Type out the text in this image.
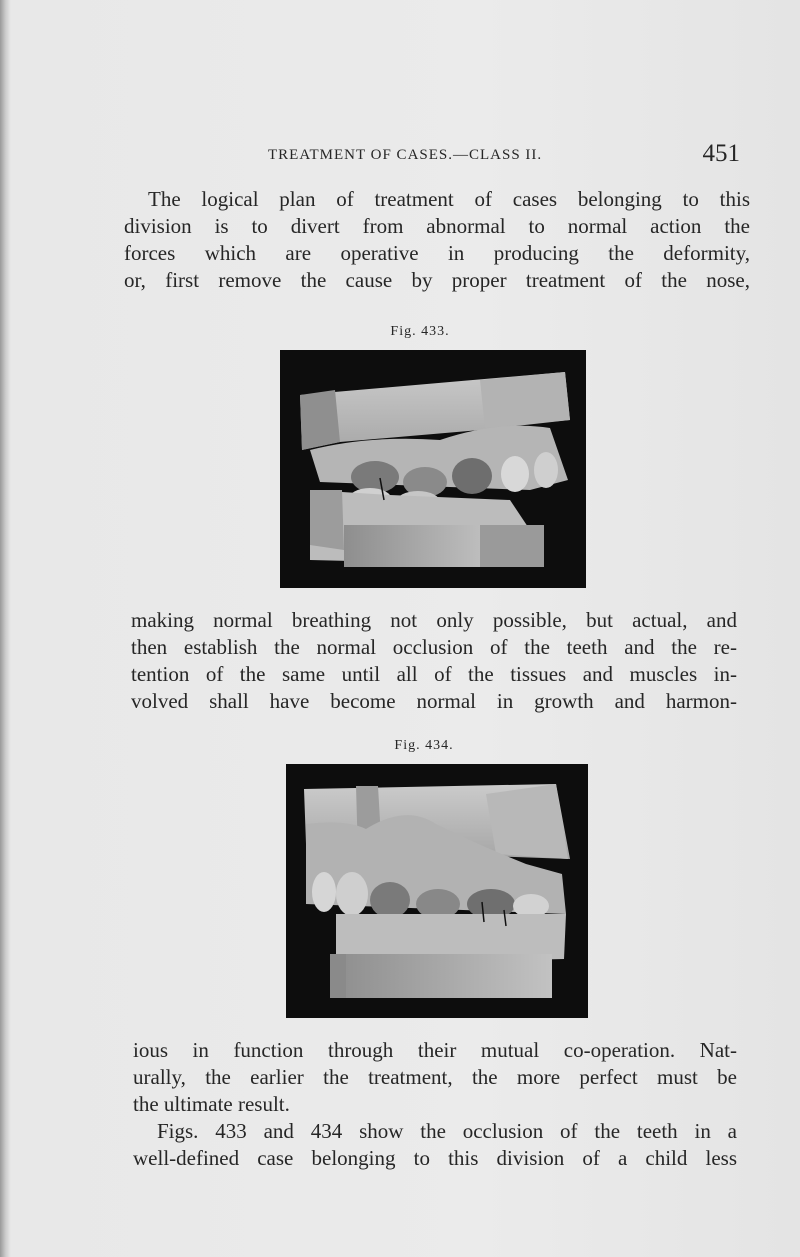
TREATMENT OF CASES.—CLASS II.	451
The logical plan of treatment of cases belonging to this
division is to divert from abnormal to normal action the
forces which are operative in producing the deformity,
or, first remove the cause by proper treatment of the nose,
Fig. 433.
making normal breathing not only possible, but actual, and
then establish the normal occlusion of the teeth and the re-
tention of the same until all of the tissues and muscles in-
volved shall have become normal in growth and harmon-
Fig. 434.
ious in function through their mutual co-operation. Nat-
urally, the earlier the treatment, the more perfect must be
the ultimate result.
Figs. 433 and 434 show the occlusion of the teeth in a
well-defined case belonging to this division of a child less
